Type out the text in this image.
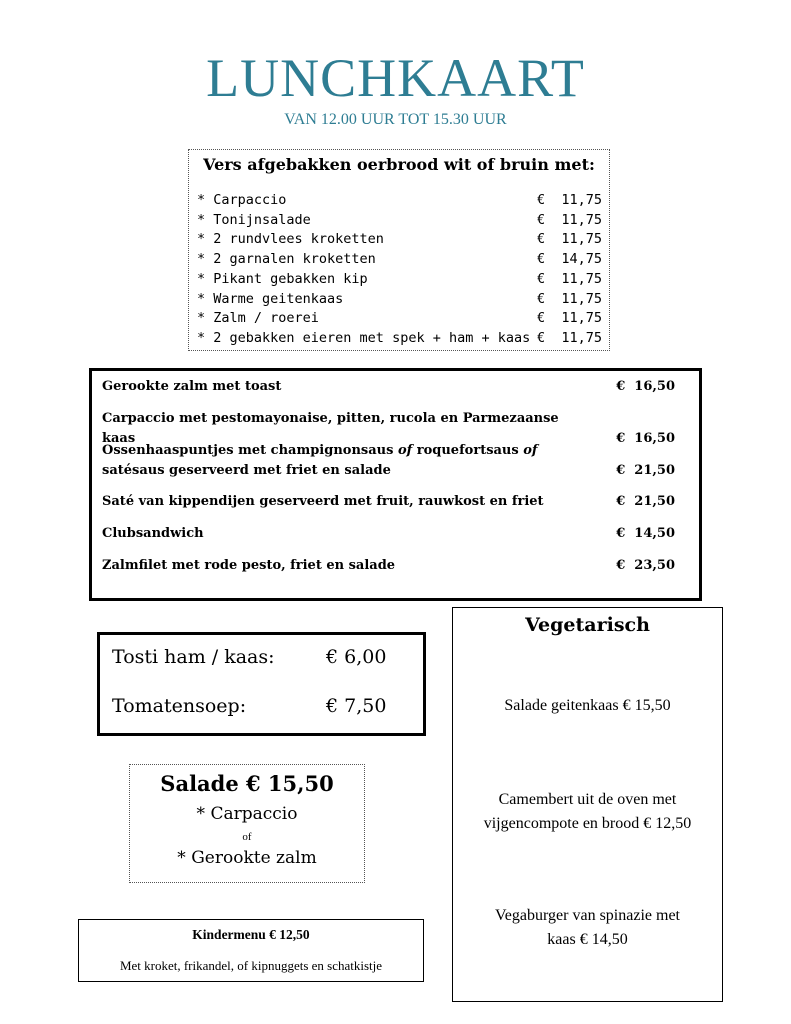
LUNCHKAART
VAN 12.00 UUR TOT 15.30 UUR
Vers afgebakken oerbrood wit of bruin met:
* Carpaccio	€  11,75
* Tonijnsalade	€  11,75
* 2 rundvlees kroketten	€  11,75
* 2 garnalen kroketten	€  14,75
* Pikant gebakken kip	€  11,75
* Warme geitenkaas	€  11,75
* Zalm / roerei	€  11,75
* 2 gebakken eieren met spek + ham + kaas €  11,75
Gerookte zalm met toast	€  16,50
Carpaccio met pestomayonaise, pitten, rucola en Parmezaanse kaas	€  16,50
Ossenhaaspuntjes met champignonsaus of roquefortsaus of satésaus geserveerd met friet en salade	€  21,50
Saté van kippendijen geserveerd met fruit, rauwkost en friet	€  21,50
Clubsandwich	€  14,50
Zalmfilet met rode pesto, friet en salade	€  23,50
Tosti ham / kaas:	€ 6,00
Tomatensoep:	€ 7,50
Salade € 15,50
* Carpaccio
of
* Gerookte zalm
Kindermenu € 12,50
Met kroket, frikandel, of kipnuggets en schatkistje
Vegetarisch
Salade geitenkaas € 15,50
Camembert uit de oven met
vijgencompote en brood € 12,50
Vegaburger van spinazie met
kaas € 14,50
